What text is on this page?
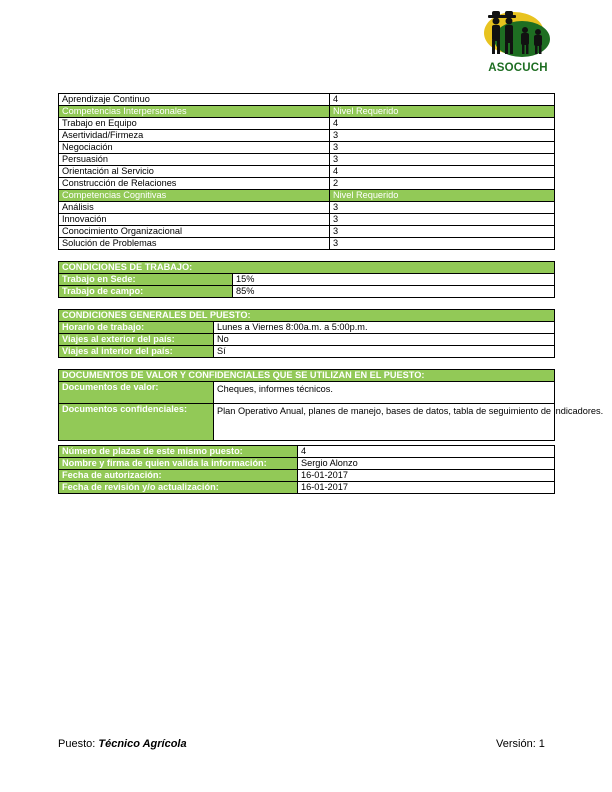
ASOCUCH
Aprendizaje Continuo	4
Competencias Interpersonales	Nivel Requerido
Trabajo en Equipo	4
Asertividad/Firmeza	3
Negociación	3
Persuasión	3
Orientación al Servicio	4
Construcción de Relaciones	2
Competencias Cognitivas	Nivel Requerido
Análisis	3
Innovación	3
Conocimiento Organizacional	3
Solución de Problemas	3
CONDICIONES DE TRABAJO:	
Trabajo en Sede:	15%
Trabajo de campo:	85%
CONDICIONES GENERALES DEL PUESTO:	
Horario de trabajo:	Lunes a Viernes 8:00a.m. a 5:00p.m.
Viajes al exterior del país:	No
Viajes al interior del país:	Sí
DOCUMENTOS DE VALOR Y CONFIDENCIALES QUE SE UTILIZAN EN EL PUESTO:	
Documentos de valor:	Cheques, informes técnicos.
Documentos confidenciales:	Plan Operativo Anual, planes de manejo, bases de datos, tabla de seguimiento de indicadores.
Número de plazas de este mismo puesto:	4
Nombre y firma de quien valida la información:	Sergio Alonzo
Fecha de autorización:	16-01-2017
Fecha de revisión y/o actualización:	16-01-2017
Puesto: Técnico Agrícola	Versión: 1
